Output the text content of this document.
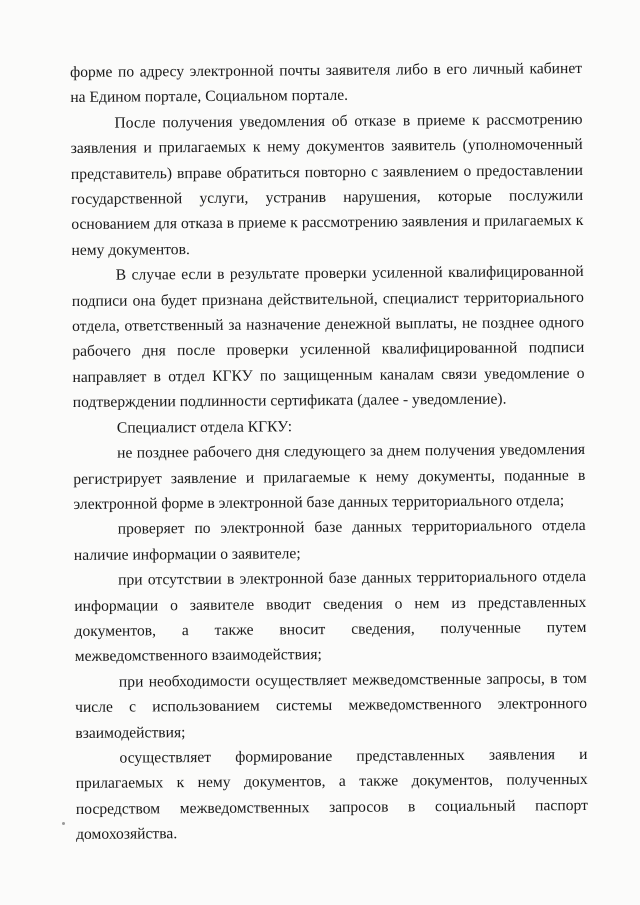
форме по адресу электронной почты заявителя либо в его личный кабинет на Едином портале, Социальном портале.

После получения уведомления об отказе в приеме к рассмотрению заявления и прилагаемых к нему документов заявитель (уполномоченный представитель) вправе обратиться повторно с заявлением о предоставлении государственной услуги, устранив нарушения, которые послужили основанием для отказа в приеме к рассмотрению заявления и прилагаемых к нему документов.

В случае если в результате проверки усиленной квалифицированной подписи она будет признана действительной, специалист территориального отдела, ответственный за назначение денежной выплаты, не позднее одного рабочего дня после проверки усиленной квалифицированной подписи направляет в отдел КГКУ по защищенным каналам связи уведомление о подтверждении подлинности сертификата (далее - уведомление).

Специалист отдела КГКУ:

не позднее рабочего дня следующего за днем получения уведомления регистрирует заявление и прилагаемые к нему документы, поданные в электронной форме в электронной базе данных территориального отдела;

проверяет по электронной базе данных территориального отдела наличие информации о заявителе;

при отсутствии в электронной базе данных территориального отдела информации о заявителе вводит сведения о нем из представленных документов, а также вносит сведения, полученные путем межведомственного взаимодействия;

при необходимости осуществляет межведомственные запросы, в том числе с использованием системы межведомственного электронного взаимодействия;

осуществляет формирование представленных заявления и прилагаемых к нему документов, а также документов, полученных посредством межведомственных запросов в социальный паспорт домохозяйства.
